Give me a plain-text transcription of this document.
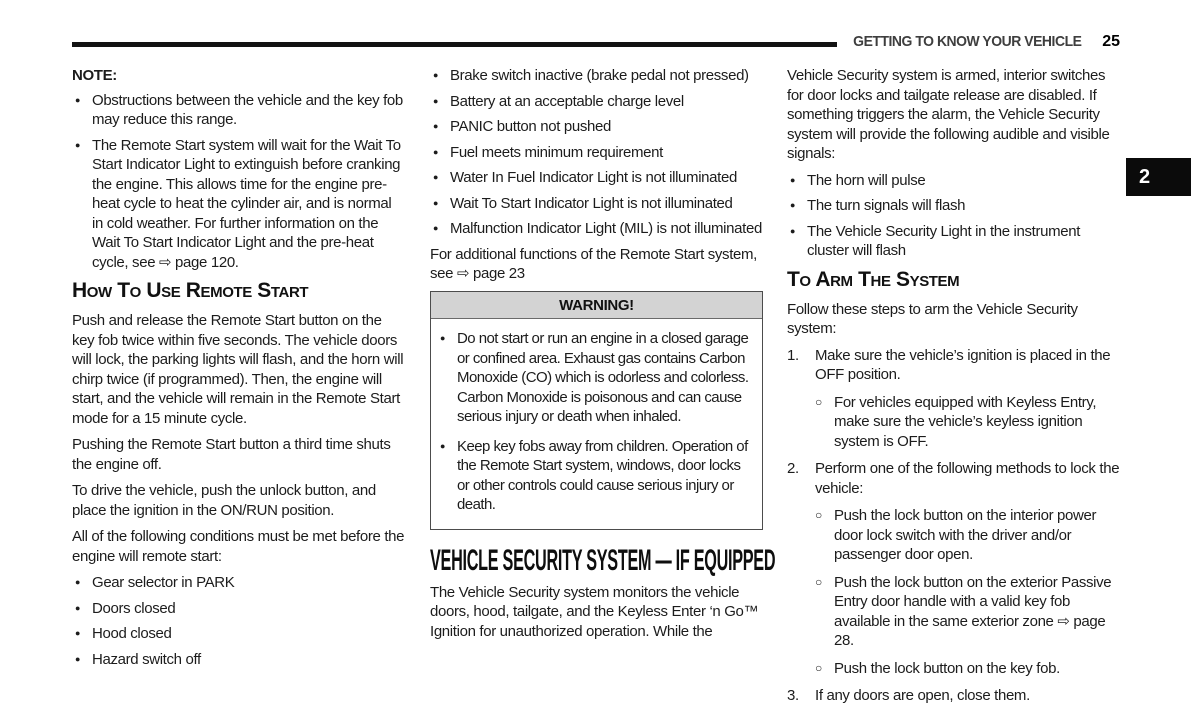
GETTING TO KNOW YOUR VEHICLE 25
2
NOTE:
● Obstructions between the vehicle and the key fob may reduce this range.
● The Remote Start system will wait for the Wait To Start Indicator Light to extinguish before cranking the engine. This allows time for the engine pre-heat cycle to heat the cylinder air, and is normal in cold weather. For further information on the Wait To Start Indicator Light and the pre-heat cycle, see ⇨ page 120.
How To Use Remote Start

Push and release the Remote Start button on the key fob twice within five seconds. The vehicle doors will lock, the parking lights will flash, and the horn will chirp twice (if programmed). Then, the engine will start, and the vehicle will remain in the Remote Start mode for a 15 minute cycle.

Pushing the Remote Start button a third time shuts the engine off.

To drive the vehicle, push the unlock button, and place the ignition in the ON/RUN position.

All of the following conditions must be met before the engine will remote start:

● Gear selector in PARK
● Doors closed
● Hood closed
● Hazard switch off
● Brake switch inactive (brake pedal not pressed)
● Battery at an acceptable charge level
● PANIC button not pushed
● Fuel meets minimum requirement
● Water In Fuel Indicator Light is not illuminated
● Wait To Start Indicator Light is not illuminated
● Malfunction Indicator Light (MIL) is not illuminated

For additional functions of the Remote Start system, see ⇨ page 23

WARNING!
● Do not start or run an engine in a closed garage or confined area. Exhaust gas contains Carbon Monoxide (CO) which is odorless and colorless. Carbon Monoxide is poisonous and can cause serious injury or death when inhaled.
● Keep key fobs away from children. Operation of the Remote Start system, windows, door locks or other controls could cause serious injury or death.
VEHICLE SECURITY SYSTEM — IF EQUIPPED

The Vehicle Security system monitors the vehicle doors, hood, tailgate, and the Keyless Enter ‘n Go™ Ignition for unauthorized operation. While the

Vehicle Security system is armed, interior switches for door locks and tailgate release are disabled. If something triggers the alarm, the Vehicle Security system will provide the following audible and visible signals:

● The horn will pulse
● The turn signals will flash
● The Vehicle Security Light in the instrument cluster will flash
To Arm The System

Follow these steps to arm the Vehicle Security system:

1.	Make sure the vehicle’s ignition is placed in the OFF position.
○ For vehicles equipped with Keyless Entry, make sure the vehicle’s keyless ignition system is OFF.
2.	Perform one of the following methods to lock the vehicle:
○ Push the lock button on the interior power door lock switch with the driver and/or passenger door open.
○ Push the lock button on the exterior Passive Entry door handle with a valid key fob available in the same exterior zone ⇨ page 28.
○ Push the lock button on the key fob.
3.	If any doors are open, close them.
